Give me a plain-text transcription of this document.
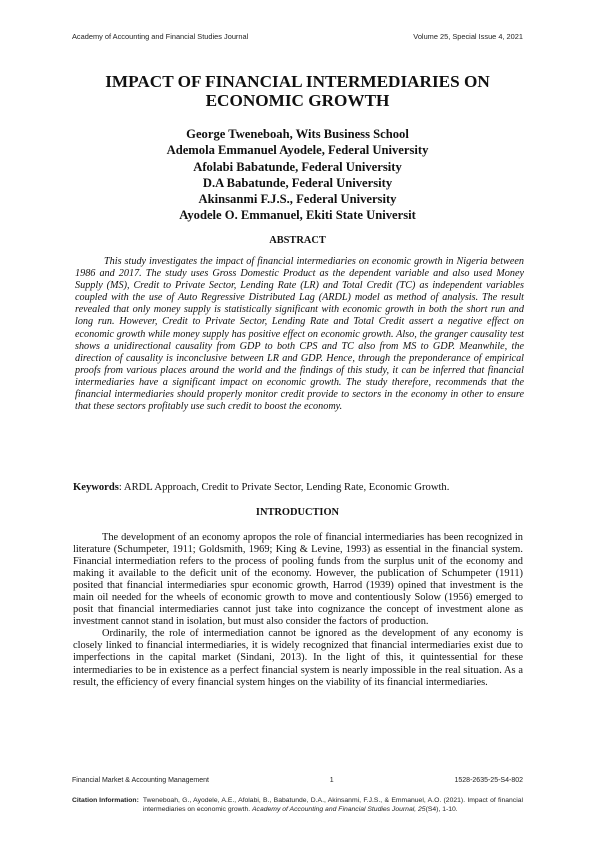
Academy of Accounting and Financial Studies Journal	Volume 25, Special Issue 4, 2021
IMPACT OF FINANCIAL INTERMEDIARIES ON
ECONOMIC GROWTH
George Tweneboah, Wits Business School
Ademola Emmanuel Ayodele, Federal University
Afolabi Babatunde, Federal University
D.A Babatunde, Federal University
Akinsanmi F.J.S., Federal University
Ayodele O. Emmanuel, Ekiti State Universit
ABSTRACT

This study investigates the impact of financial intermediaries on economic growth in Nigeria between 1986 and 2017. The study uses Gross Domestic Product as the dependent variable and also used Money Supply (MS), Credit to Private Sector, Lending Rate (LR) and Total Credit (TC) as independent variables coupled with the use of Auto Regressive Distributed Lag (ARDL) model as method of analysis. The result revealed that only money supply is statistically significant with economic growth in both the short run and long run. However, Credit to Private Sector, Lending Rate and Total Credit assert a negative effect on economic growth while money supply has positive effect on economic growth. Also, the granger causality test shows a unidirectional causality from GDP to both CPS and TC also from MS to GDP. Meanwhile, the direction of causality is inconclusive between LR and GDP. Hence, through the preponderance of empirical proofs from various places around the world and the findings of this study, it can be inferred that financial intermediaries have a significant impact on economic growth. The study therefore, recommends that the financial intermediaries should properly monitor credit provide to sectors in the economy in other to ensure that these sectors profitably use such credit to boost the economy.

Keywords: ARDL Approach, Credit to Private Sector, Lending Rate, Economic Growth.
INTRODUCTION

The development of an economy apropos the role of financial intermediaries has been recognized in literature (Schumpeter, 1911; Goldsmith, 1969; King & Levine, 1993) as essential in the financial system. Financial intermediation refers to the process of pooling funds from the surplus unit of the economy and making it available to the deficit unit of the economy. However, the publication of Schumpeter (1911) posited that financial intermediaries spur economic growth, Harrod (1939) opined that investment is the main oil needed for the wheels of economic growth to move and contentiously Solow (1956) emerged to posit that financial intermediaries cannot just take into cognizance the concept of investment alone as investment cannot stand in isolation, but must also consider the factors of production.

Ordinarily, the role of intermediation cannot be ignored as the development of any economy is closely linked to financial intermediaries, it is widely recognized that financial intermediaries exist due to imperfections in the capital market (Sindani, 2013). In the light of this, it quintessential for these intermediaries to be in existence as a perfect financial system is nearly impossible in the real situation. As a result, the efficiency of every financial system hinges on the viability of its financial intermediaries.

Financial Market & Accounting Management	1	1528-2635-25-S4-802
Citation Information: Tweneboah, G., Ayodele, A.E., Afolabi, B., Babatunde, D.A., Akinsanmi, F.J.S., & Emmanuel, A.O. (2021). Impact of financial intermediaries on economic growth. Academy of Accounting and Financial Studies Journal, 25(S4), 1-10.
